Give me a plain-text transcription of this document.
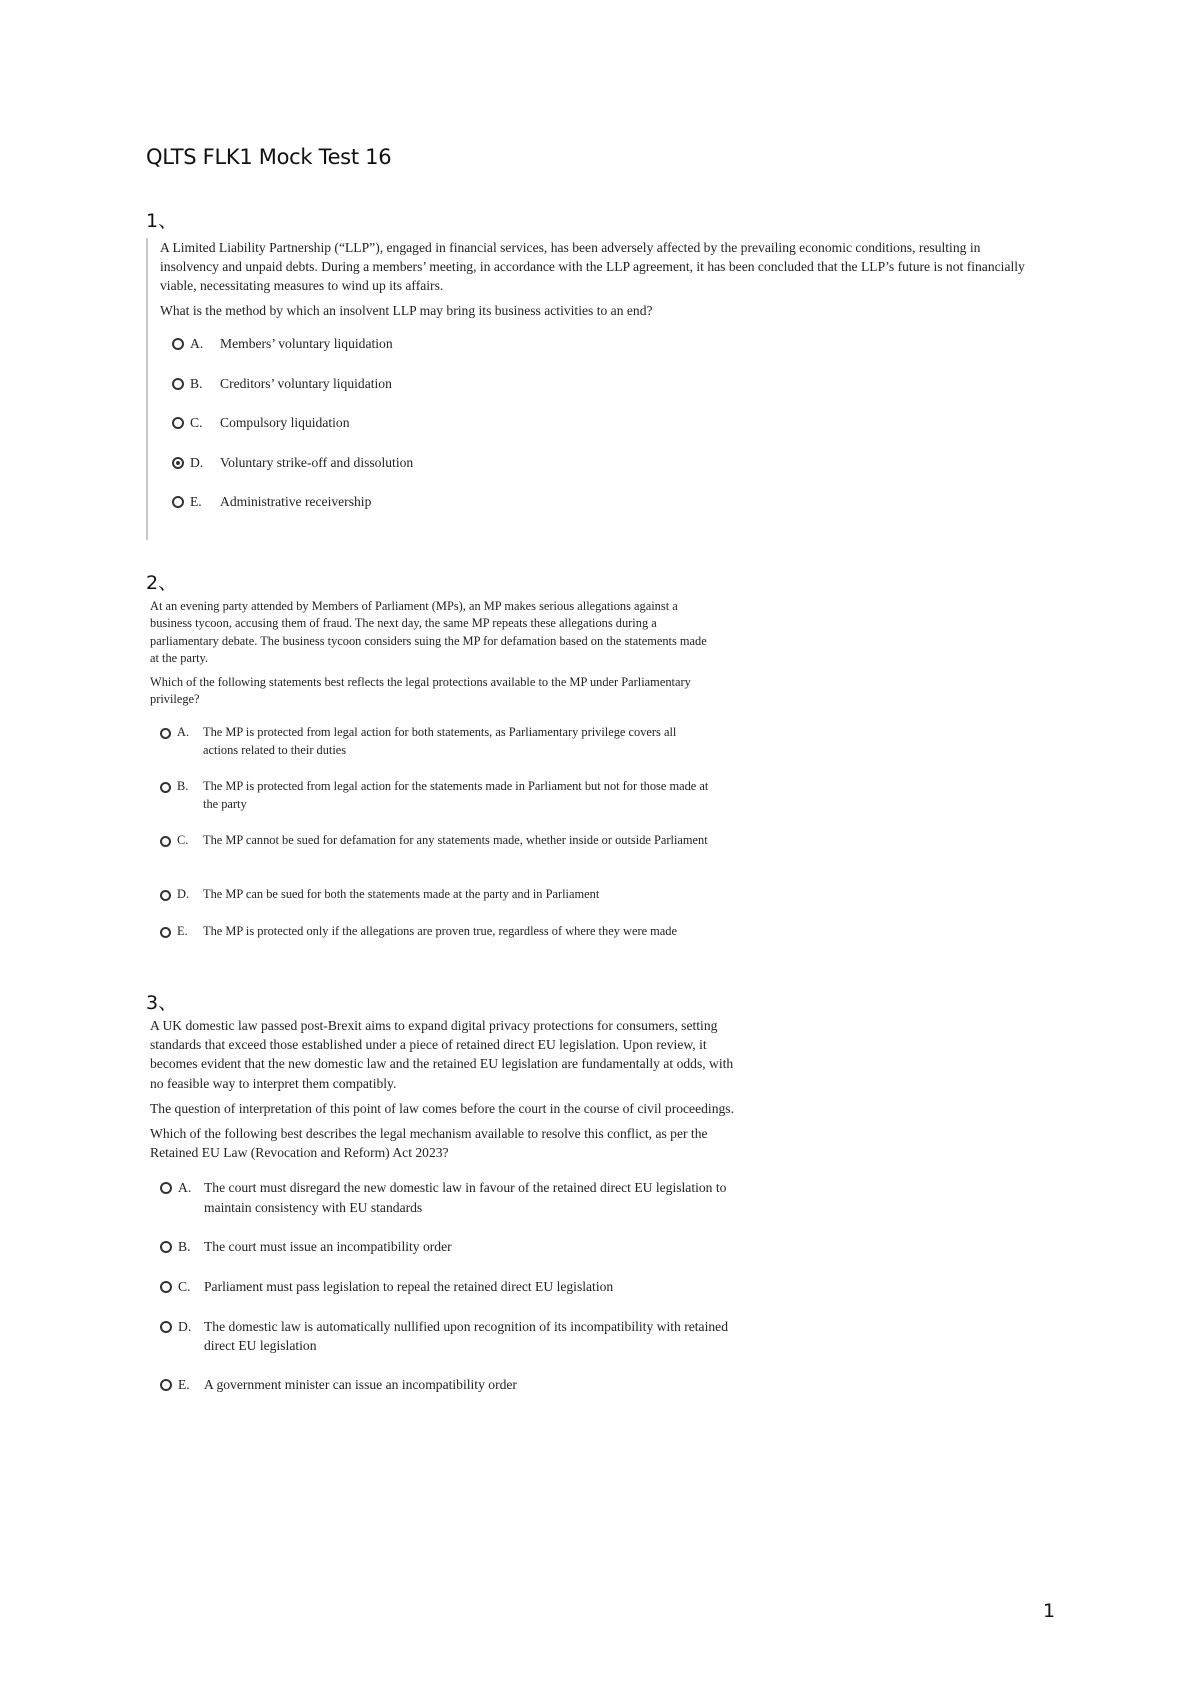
QLTS FLK1 Mock Test 16
1、

A Limited Liability Partnership (“LLP”), engaged in financial services, has been adversely affected by the prevailing economic conditions, resulting in insolvency and unpaid debts. During a members’ meeting, in accordance with the LLP agreement, it has been concluded that the LLP’s future is not financially viable, necessitating measures to wind up its affairs.

What is the method by which an insolvent LLP may bring its business activities to an end?

A.	Members’ voluntary liquidation
B.	Creditors’ voluntary liquidation
C.	Compulsory liquidation
D.	Voluntary strike-off and dissolution
E.	Administrative receivership
2、

At an evening party attended by Members of Parliament (MPs), an MP makes serious allegations against a business tycoon, accusing them of fraud. The next day, the same MP repeats these allegations during a parliamentary debate. The business tycoon considers suing the MP for defamation based on the statements made at the party.

Which of the following statements best reflects the legal protections available to the MP under Parliamentary privilege?

A.	The MP is protected from legal action for both statements, as Parliamentary privilege covers all actions related to their duties
B.	The MP is protected from legal action for the statements made in Parliament but not for those made at the party
C.	The MP cannot be sued for defamation for any statements made, whether inside or outside Parliament
D.	The MP can be sued for both the statements made at the party and in Parliament
E.	The MP is protected only if the allegations are proven true, regardless of where they were made
3、

A UK domestic law passed post-Brexit aims to expand digital privacy protections for consumers, setting standards that exceed those established under a piece of retained direct EU legislation. Upon review, it becomes evident that the new domestic law and the retained EU legislation are fundamentally at odds, with no feasible way to interpret them compatibly.

The question of interpretation of this point of law comes before the court in the course of civil proceedings.

Which of the following best describes the legal mechanism available to resolve this conflict, as per the Retained EU Law (Revocation and Reform) Act 2023?

A. The court must disregard the new domestic law in favour of the retained direct EU legislation to maintain consistency with EU standards
B. The court must issue an incompatibility order
C. Parliament must pass legislation to repeal the retained direct EU legislation
D. The domestic law is automatically nullified upon recognition of its incompatibility with retained direct EU legislation
E.	A government minister can issue an incompatibility order
1
